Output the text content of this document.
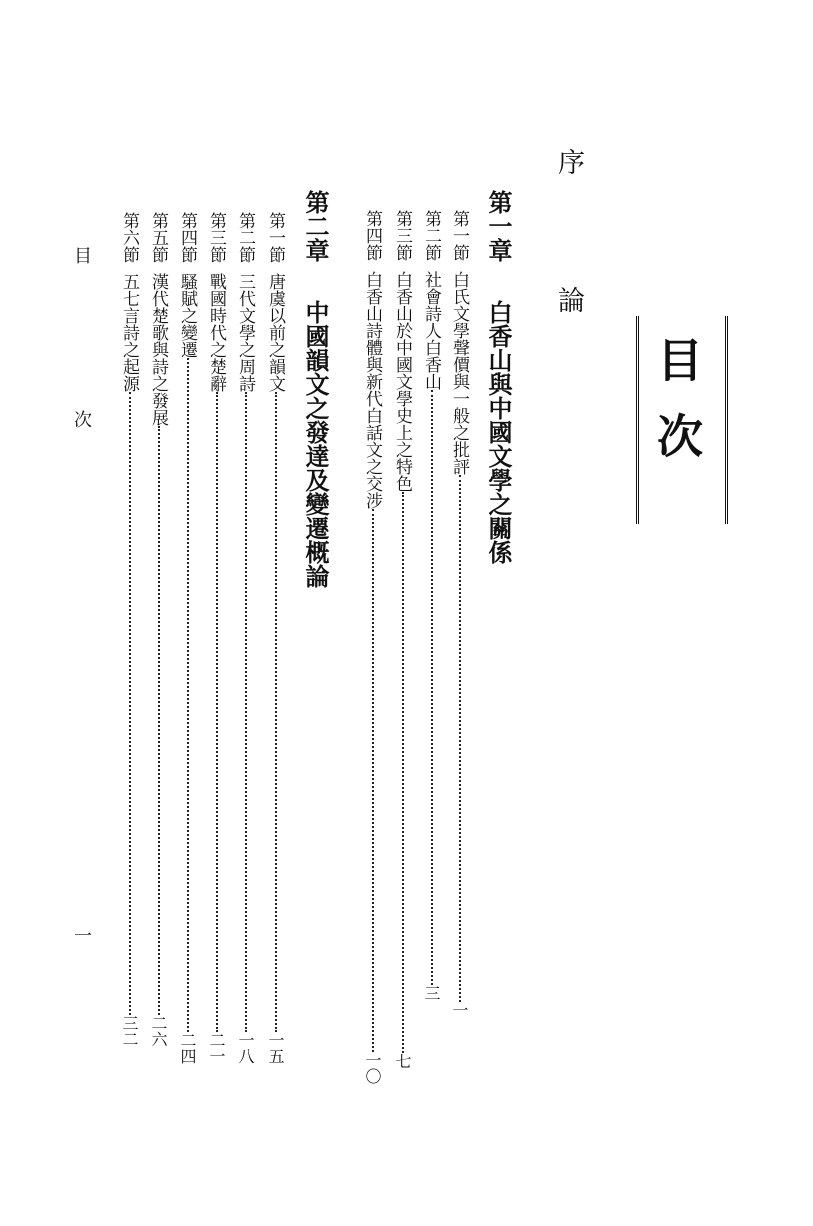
目次
序
論
第一章
白香山與中國文學之關係
第一節
白氏文學聲價與一般之批評
一
第二節
社會詩人白香山
三
第三節
白香山於中國文學史上之特色
七
第四節
白香山詩體與新代白話文之交涉
一〇
第二章
中國韻文之發達及變遷概論
第一節
唐虞以前之韻文
一五
第二節
三代文學之周詩
一八
第三節
戰國時代之楚辭
二一
第四節
騷賦之變遷
二四
第五節
漢代楚歌與詩之發展
二六
第六節
五七言詩之起源
三二
目　次
一
